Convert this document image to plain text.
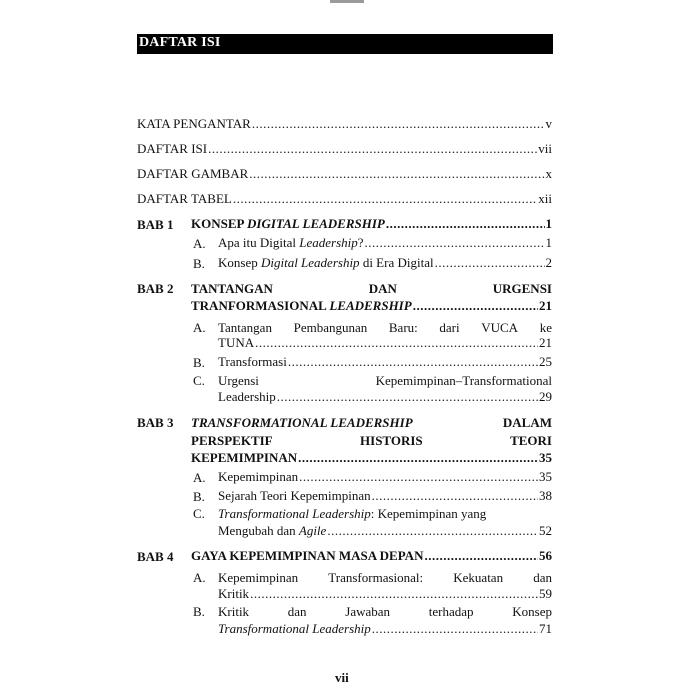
DAFTAR ISI
KATA PENGANTAR .....	v
DAFTAR ISI .....	vii
DAFTAR GAMBAR .....	x
DAFTAR TABEL .....	xii
BAB 1 KONSEP DIGITAL LEADERSHIP .....	1
A. Apa itu Digital Leadership? .....	1
B. Konsep Digital Leadership di Era Digital .....	2
BAB 2 TANTANGAN	DAN	URGENSI
TRANFORMASIONAL LEADERSHIP .....	21
A. Tantangan Pembangunan Baru: dari VUCA ke
TUNA .....	21
B. Transformasi .....	25
C. Urgensi	Kepemimpinan–Transformational
Leadership .....	29
BAB 3 TRANSFORMATIONAL LEADERSHIP	DALAM
PERSPEKTIF	HISTORIS	TEORI
KEPEMIMPINAN .....	35
A. Kepemimpinan .....	35
B. Sejarah Teori Kepemimpinan .....	38
C. Transformational Leadership: Kepemimpinan yang
Mengubah dan Agile .....	52
BAB 4 GAYA KEPEMIMPINAN MASA DEPAN .....	56
A. Kepemimpinan Transformasional: Kekuatan dan
Kritik .....	59
B. Kritik	dan	Jawaban	terhadap	Konsep
Transformational Leadership .....	71
vii
